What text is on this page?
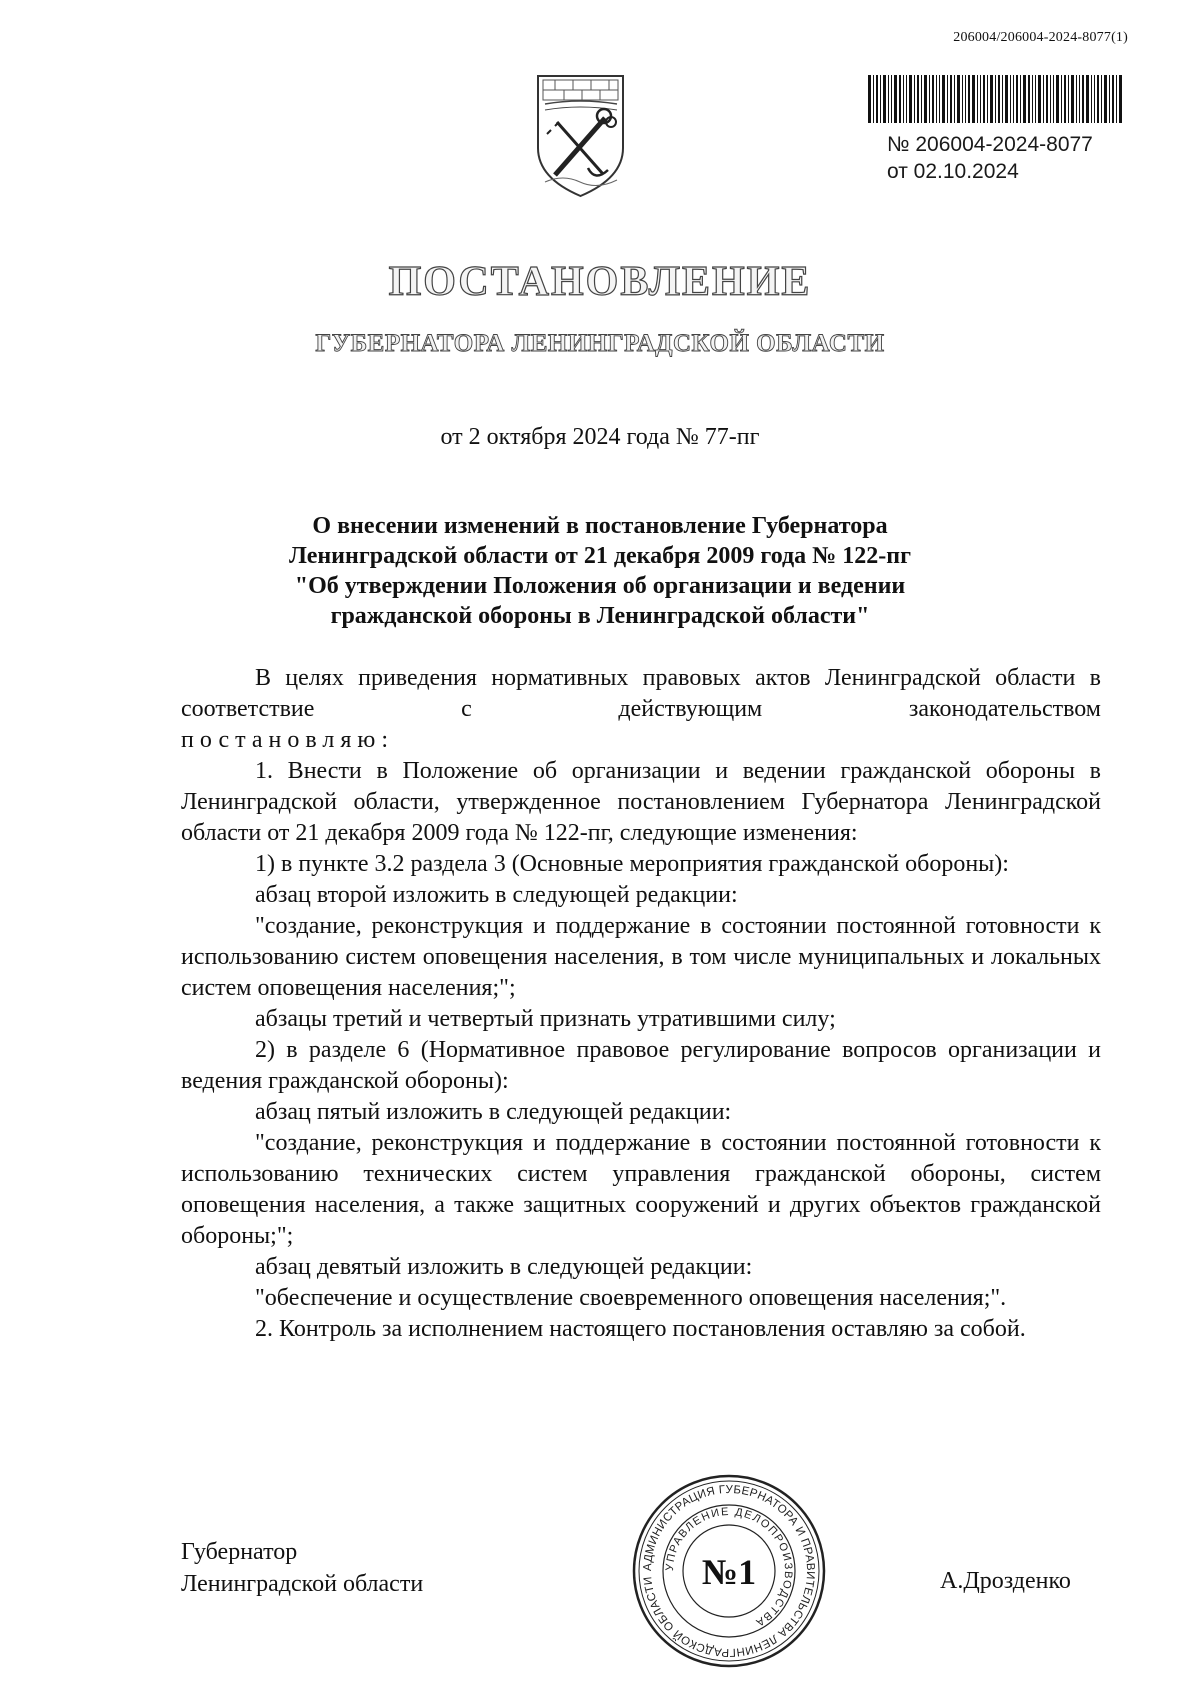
206004/206004-2024-8077(1)
№ 206004-2024-8077
от 02.10.2024
ПОСТАНОВЛЕНИЕ
ГУБЕРНАТОРА ЛЕНИНГРАДСКОЙ ОБЛАСТИ
от 2 октября 2024 года № 77-пг
О внесении изменений в постановление Губернатора
Ленинградской области от 21 декабря 2009 года № 122-пг
"Об утверждении Положения об организации и ведении
гражданской обороны в Ленинградской области"

В целях приведения нормативных правовых актов Ленинградской области в соответствие с действующим законодательством

постановляю:

1. Внести в Положение об организации и ведении гражданской обороны в Ленинградской области, утвержденное постановлением Губернатора Ленинградской области от 21 декабря 2009 года № 122-пг, следующие изменения:

1) в пункте 3.2 раздела 3 (Основные мероприятия гражданской обороны):

абзац второй изложить в следующей редакции:

"создание, реконструкция и поддержание в состоянии постоянной готовности к использованию систем оповещения населения, в том числе муниципальных и локальных систем оповещения населения;";

абзацы третий и четвертый признать утратившими силу;

2) в разделе 6 (Нормативное правовое регулирование вопросов организации и ведения гражданской обороны):

абзац пятый изложить в следующей редакции:

"создание, реконструкция и поддержание в состоянии постоянной готовности к использованию технических систем управления гражданской обороны, систем оповещения населения, а также защитных сооружений и других объектов гражданской обороны;";

абзац девятый изложить в следующей редакции:

"обеспечение и осуществление своевременного оповещения населения;".

2. Контроль за исполнением настоящего постановления оставляю за собой.

Губернатор
Ленинградской области	А.Дрозденко
АДМИНИСТРАЦИЯ ГУБЕРНАТОРА И ПРАВИТЕЛЬСТВА ЛЕНИНГРАДСКОЙ ОБЛАСТИ
УПРАВЛЕНИЕ ДЕЛОПРОИЗВОДСТВА
№1
